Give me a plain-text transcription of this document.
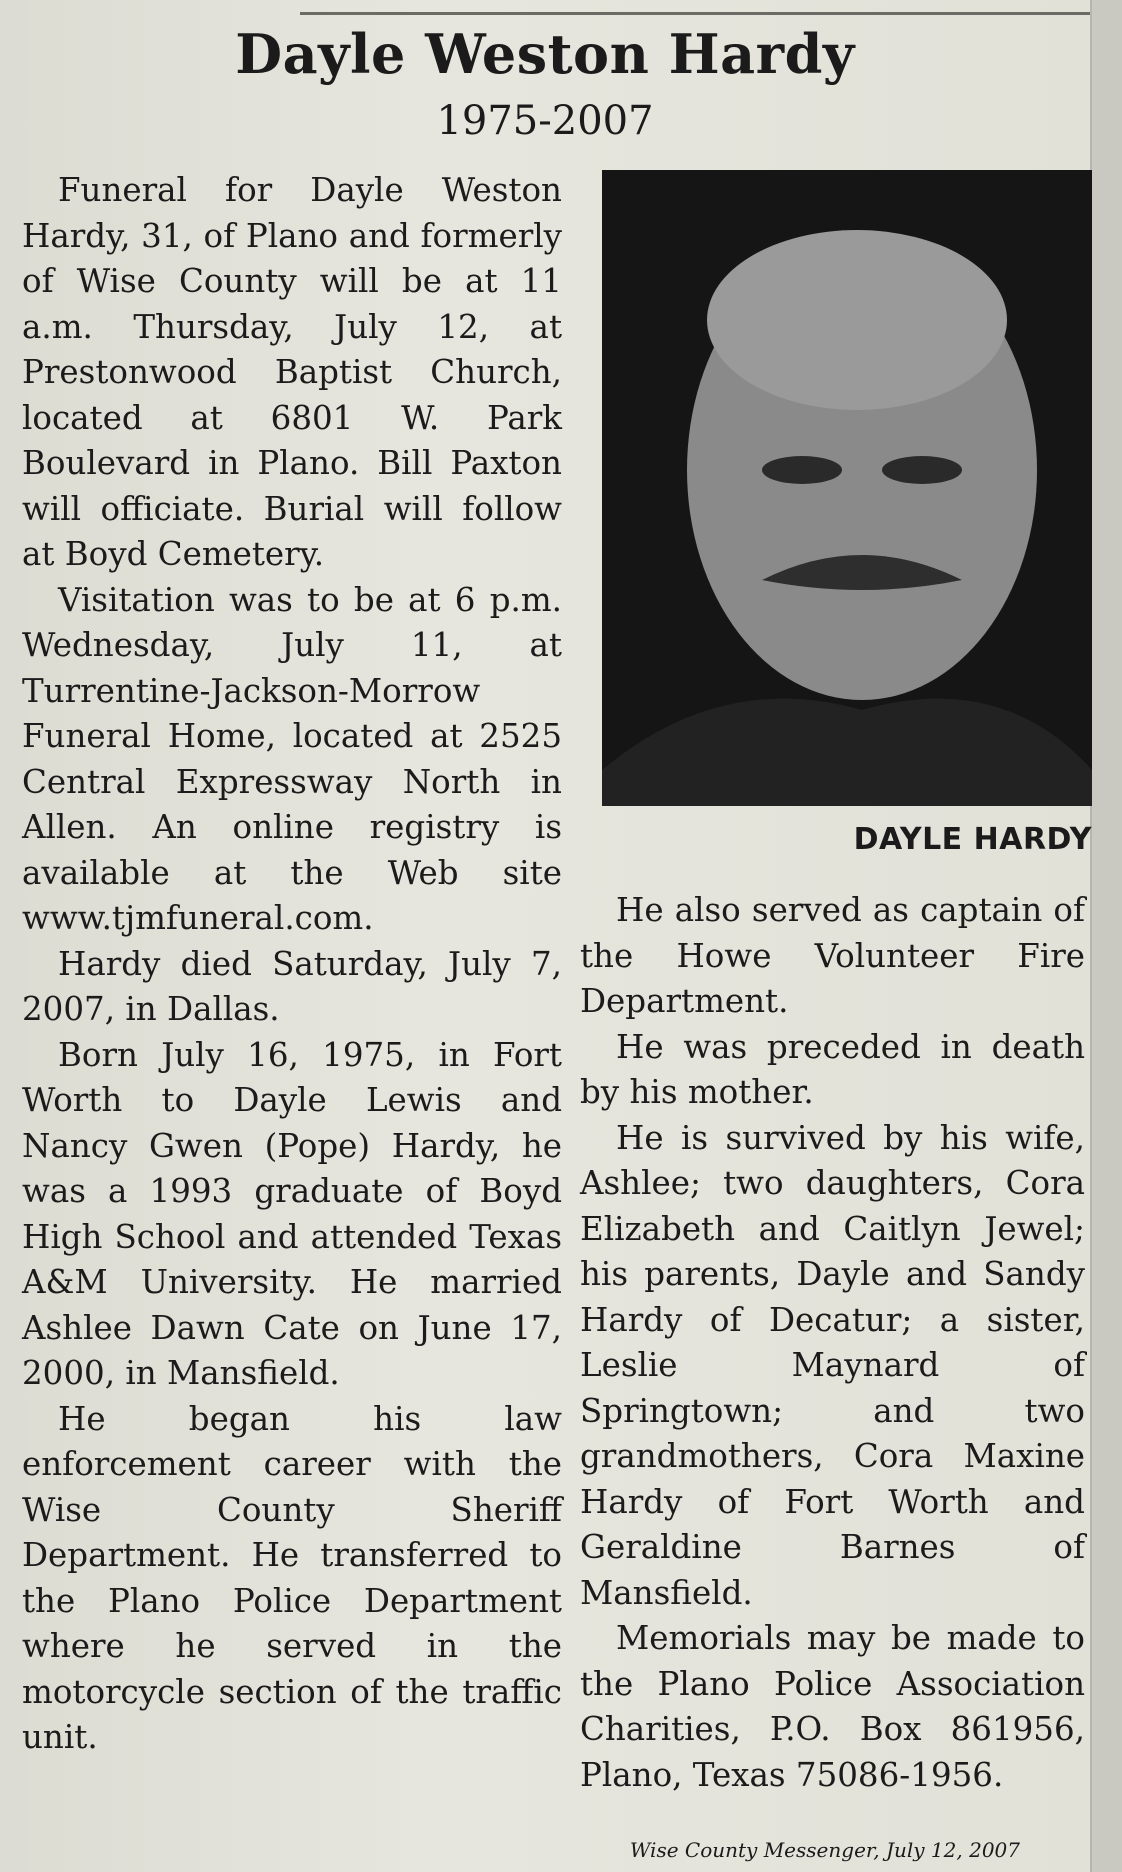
Dayle Weston Hardy
1975-2007

Funeral for Dayle Weston Hardy, 31, of Plano and formerly of Wise County will be at 11 a.m. Thursday, July 12, at Prestonwood Baptist Church, located at 6801 W. Park Boulevard in Plano. Bill Paxton will officiate. Burial will follow at Boyd Cemetery.

Visitation was to be at 6 p.m. Wednesday, July 11, at Turrentine-Jackson-Morrow Funeral Home, located at 2525 Central Expressway North in Allen. An online registry is available at the Web site www.tjmfuneral.com.

Hardy died Saturday, July 7, 2007, in Dallas.

Born July 16, 1975, in Fort Worth to Dayle Lewis and Nancy Gwen (Pope) Hardy, he was a 1993 graduate of Boyd High School and attended Texas A&M University. He married Ashlee Dawn Cate on June 17, 2000, in Mansfield.

He began his law enforcement career with the Wise County Sheriff Department. He transferred to the Plano Police Department where he served in the motorcycle section of the traffic unit.

DAYLE HARDY

He also served as captain of the Howe Volunteer Fire Department.

He was preceded in death by his mother.

He is survived by his wife, Ashlee; two daughters, Cora Elizabeth and Caitlyn Jewel; his parents, Dayle and Sandy Hardy of Decatur; a sister, Leslie Maynard of Springtown; and two grandmothers, Cora Maxine Hardy of Fort Worth and Geraldine Barnes of Mansfield.

Memorials may be made to the Plano Police Association Charities, P.O. Box 861956, Plano, Texas 75086-1956.

Wise County Messenger, July 12, 2007
